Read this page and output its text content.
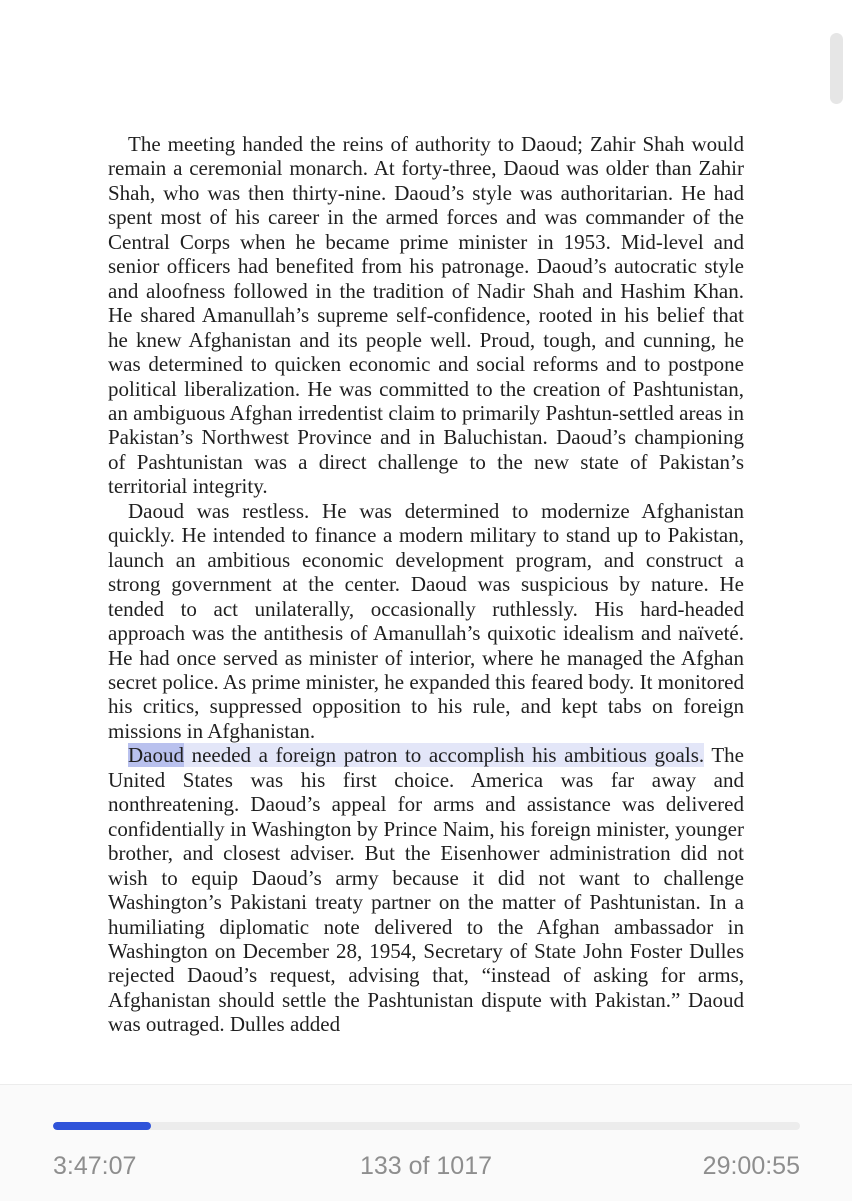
The meeting handed the reins of authority to Daoud; Zahir Shah would remain a ceremonial monarch. At forty-three, Daoud was older than Zahir Shah, who was then thirty-nine. Daoud’s style was authoritarian. He had spent most of his career in the armed forces and was commander of the Central Corps when he became prime minister in 1953. Mid-level and senior officers had benefited from his patronage. Daoud’s autocratic style and aloofness followed in the tradition of Nadir Shah and Hashim Khan. He shared Amanullah’s supreme self-confidence, rooted in his belief that he knew Afghanistan and its people well. Proud, tough, and cunning, he was determined to quicken economic and social reforms and to postpone political liberalization. He was committed to the creation of Pashtunistan, an ambiguous Afghan irredentist claim to primarily Pashtun-settled areas in Pakistan’s Northwest Province and in Baluchistan. Daoud’s championing of Pashtunistan was a direct challenge to the new state of Pakistan’s territorial integrity.

Daoud was restless. He was determined to modernize Afghanistan quickly. He intended to finance a modern military to stand up to Pakistan, launch an ambitious economic development program, and construct a strong government at the center. Daoud was suspicious by nature. He tended to act unilaterally, occasionally ruthlessly. His hard-headed approach was the antithesis of Amanullah’s quixotic idealism and naïveté. He had once served as minister of interior, where he managed the Afghan secret police. As prime minister, he expanded this feared body. It monitored his critics, suppressed opposition to his rule, and kept tabs on foreign missions in Afghanistan.

Daoud needed a foreign patron to accomplish his ambitious goals. The United States was his first choice. America was far away and nonthreatening. Daoud’s appeal for arms and assistance was delivered confidentially in Washington by Prince Naim, his foreign minister, younger brother, and closest adviser. But the Eisenhower administration did not wish to equip Daoud’s army because it did not want to challenge Washington’s Pakistani treaty partner on the matter of Pashtunistan. In a humiliating diplomatic note delivered to the Afghan ambassador in Washington on December 28, 1954, Secretary of State John Foster Dulles rejected Daoud’s request, advising that, “instead of asking for arms, Afghanistan should settle the Pashtunistan dispute with Pakistan.” Daoud was outraged. Dulles added

3:47:07	133 of 1017	29:00:55
